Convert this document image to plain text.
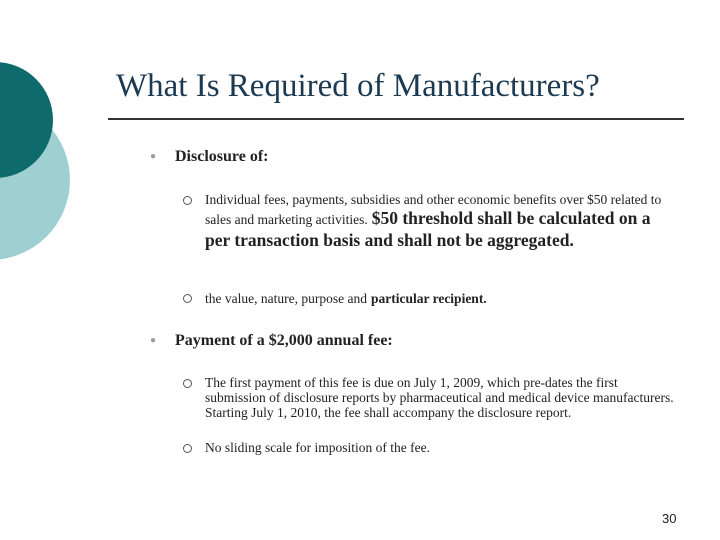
What Is Required of Manufacturers?
● Disclosure of:
Individual fees, payments, subsidies and other economic benefits over $50 related to sales and marketing activities. $50 threshold shall be calculated on a per transaction basis and shall not be aggregated.
the value, nature, purpose and particular recipient.
● Payment of a $2,000 annual fee:
The first payment of this fee is due on July 1, 2009, which pre-dates the first submission of disclosure reports by pharmaceutical and medical device manufacturers. Starting July 1, 2010, the fee shall accompany the disclosure report.
No sliding scale for imposition of the fee.
30
